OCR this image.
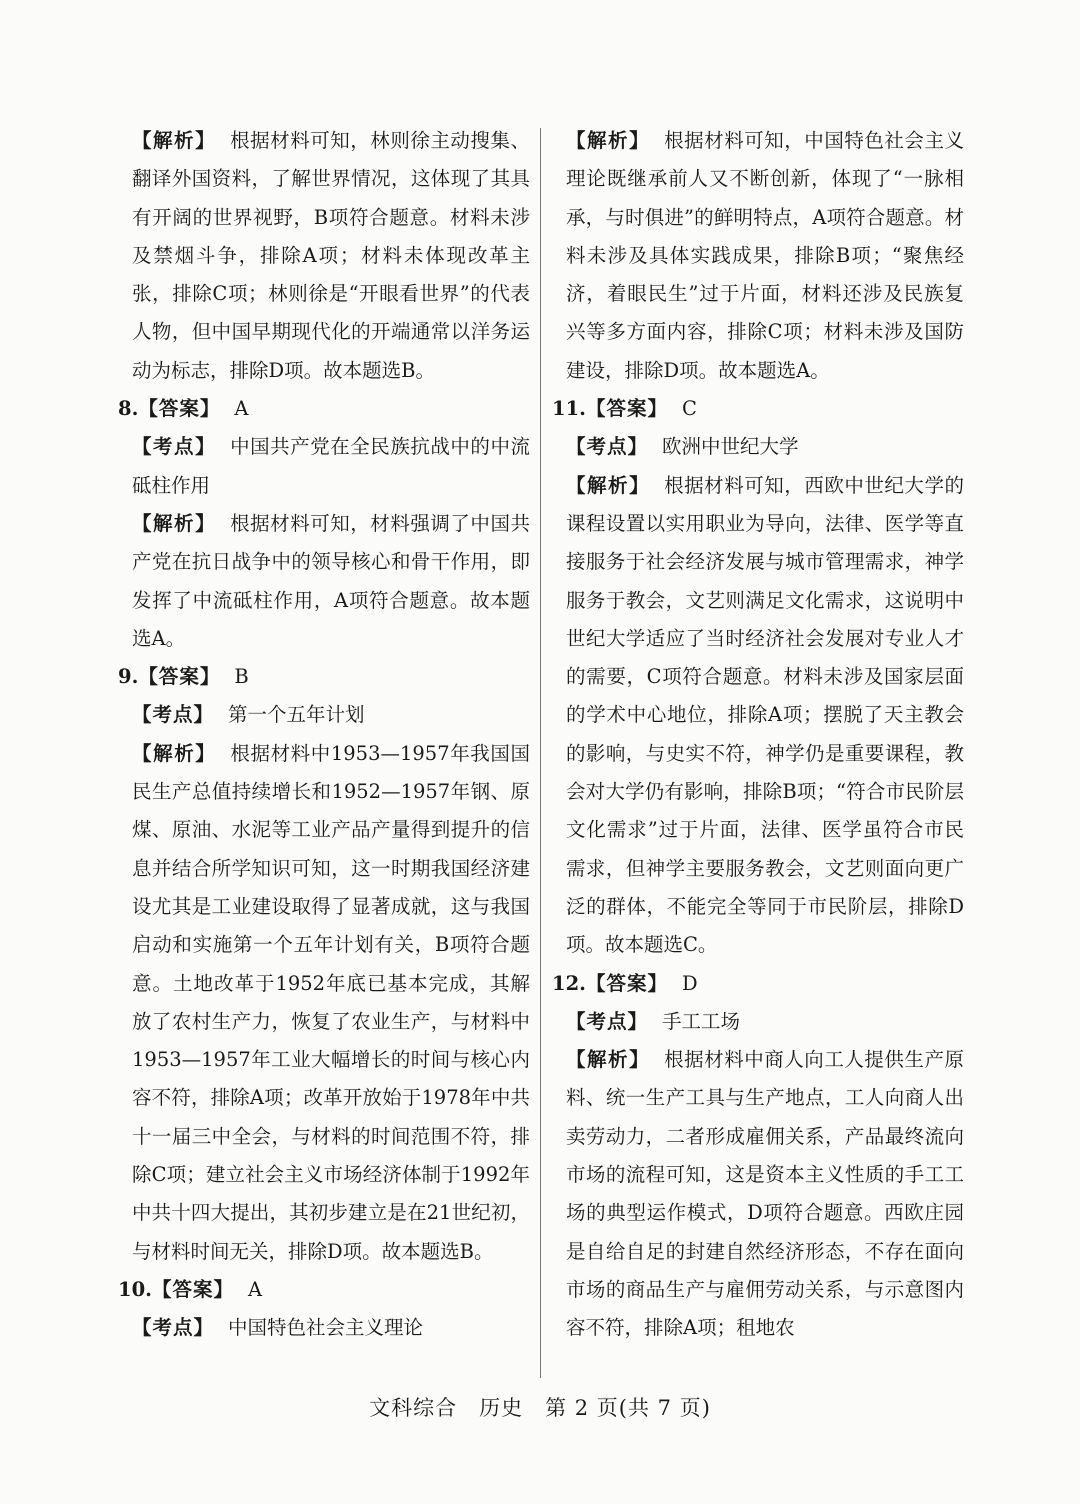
【解析】 根据材料可知，林则徐主动搜集、翻译外国资料，了解世界情况，这体现了其具有开阔的世界视野，B项符合题意。材料未涉及禁烟斗争，排除A项；材料未体现改革主张，排除C项；林则徐是“开眼看世界”的代表人物，但中国早期现代化的开端通常以洋务运动为标志，排除D项。故本题选B。

8.【答案】 A

【考点】 中国共产党在全民族抗战中的中流砥柱作用

【解析】 根据材料可知，材料强调了中国共产党在抗日战争中的领导核心和骨干作用，即发挥了中流砥柱作用，A项符合题意。故本题选A。

9.【答案】 B

【考点】 第一个五年计划

【解析】 根据材料中1953—1957年我国国民生产总值持续增长和1952—1957年钢、原煤、原油、水泥等工业产品产量得到提升的信息并结合所学知识可知，这一时期我国经济建设尤其是工业建设取得了显著成就，这与我国启动和实施第一个五年计划有关，B项符合题意。土地改革于1952年底已基本完成，其解放了农村生产力，恢复了农业生产，与材料中1953—1957年工业大幅增长的时间与核心内容不符，排除A项；改革开放始于1978年中共十一届三中全会，与材料的时间范围不符，排除C项；建立社会主义市场经济体制于1992年中共十四大提出，其初步建立是在21世纪初，与材料时间无关，排除D项。故本题选B。

10.【答案】 A

【考点】 中国特色社会主义理论

【解析】 根据材料可知，中国特色社会主义理论既继承前人又不断创新，体现了“一脉相承，与时俱进”的鲜明特点，A项符合题意。材料未涉及具体实践成果，排除B项；“聚焦经济，着眼民生”过于片面，材料还涉及民族复兴等多方面内容，排除C项；材料未涉及国防建设，排除D项。故本题选A。

11.【答案】 C

【考点】 欧洲中世纪大学

【解析】 根据材料可知，西欧中世纪大学的课程设置以实用职业为导向，法律、医学等直接服务于社会经济发展与城市管理需求，神学服务于教会，文艺则满足文化需求，这说明中世纪大学适应了当时经济社会发展对专业人才的需要，C项符合题意。材料未涉及国家层面的学术中心地位，排除A项；摆脱了天主教会的影响，与史实不符，神学仍是重要课程，教会对大学仍有影响，排除B项；“符合市民阶层文化需求”过于片面，法律、医学虽符合市民需求，但神学主要服务教会，文艺则面向更广泛的群体，不能完全等同于市民阶层，排除D项。故本题选C。

12.【答案】 D

【考点】 手工工场

【解析】 根据材料中商人向工人提供生产原料、统一生产工具与生产地点，工人向商人出卖劳动力，二者形成雇佣关系，产品最终流向市场的流程可知，这是资本主义性质的手工工场的典型运作模式，D项符合题意。西欧庄园是自给自足的封建自然经济形态，不存在面向市场的商品生产与雇佣劳动关系，与示意图内容不符，排除A项；租地农

文科综合　历史　第 2 页(共 7 页)
